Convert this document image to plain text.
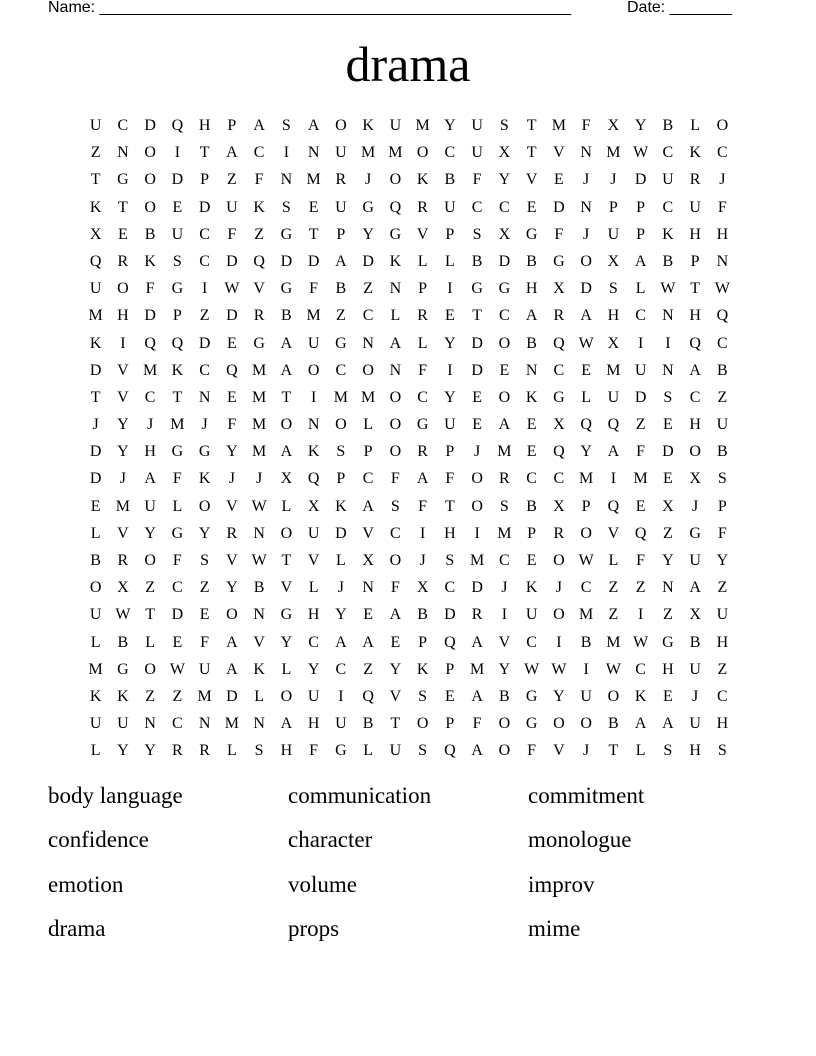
Name: _____________________________________________________	Date: _______
drama
U	C	D Q H	P	A	S	A O K U M Y U	S	T M F	X Y	B	L	O
Z	N O	I	T	A	C	I	N U M M O	C	U X	T	V N M W C	K	C
T	G O D	P	Z	F	N M R	J	O K	B	F	Y V	E	J	J	D U	R	J
K	T	O	E	D U K	S	E	U G Q	R	U	C	C	E	D N	P	P	C	U	F
X	E	B	U	C	F	Z	G	T	P	Y G V	P	S	X G	F	J	U	P	K H H
Q	R	K	S	C	D Q D D A D K	L	L	B	D	B	G O X A	B	P	N
U O	F	G	I	W V G	F	B	Z	N	P	I	G G H X D	S	L W T W
M H D	P	Z	D	R	B M Z	C	L	R	E	T	C	A	R	A H	C	N H Q
K	I	Q Q D	E	G A U G N A	L	Y D O	B	Q W X	I	I	Q	C
D V M K	C	Q M A O	C	O N	F	I	D	E	N	C	E M U N A	B
T	V	C	T	N	E M T	I	M M O	C	Y	E	O K G	L	U D	S	C	Z
J	Y	J	M	J	F M O N O	L	O G U	E	A	E	X Q Q	Z	E	H U
D Y H G G Y M A K	S	P	O	R	P	J	M E	Q Y A	F	D O	B
D	J	A	F	K	J	J	X Q	P	C	F	A	F	O	R	C	C M	I	M E	X	S
E M U	L	O V W L	X K A	S	F	T	O	S	B	X	P	Q	E	X	J	P
L	V Y G Y	R	N O U D V	C	I	H	I	M P	R	O V Q	Z	G	F
B	R	O	F	S	V W T	V	L	X O	J	S M C	E	O W L	F	Y U Y
O X	Z	C	Z	Y	B	V	L	J	N	F	X	C	D	J	K	J	C	Z	Z	N A	Z
U W T	D	E	O N G H Y	E	A	B	D	R	I	U O M Z	I	Z	X U
L	B	L	E	F	A V Y	C	A A	E	P	Q A V	C	I	B M W G	B	H
M G O W U A K	L	Y	C	Z	Y K	P M Y W W	I	W C	H U	Z
K K	Z	Z M D	L	O U	I	Q V	S	E	A	B	G Y U O K	E	J	C
U U N	C	N M N A H U	B	T	O	P	F	O G O O	B	A A U H
L	Y Y	R	R	L	S	H	F	G	L	U	S	Q A O	F	V	J	T	L	S	H	S
body language	communication	commitment
confidence	character	monologue
emotion	volume	improv
drama	props	mime
